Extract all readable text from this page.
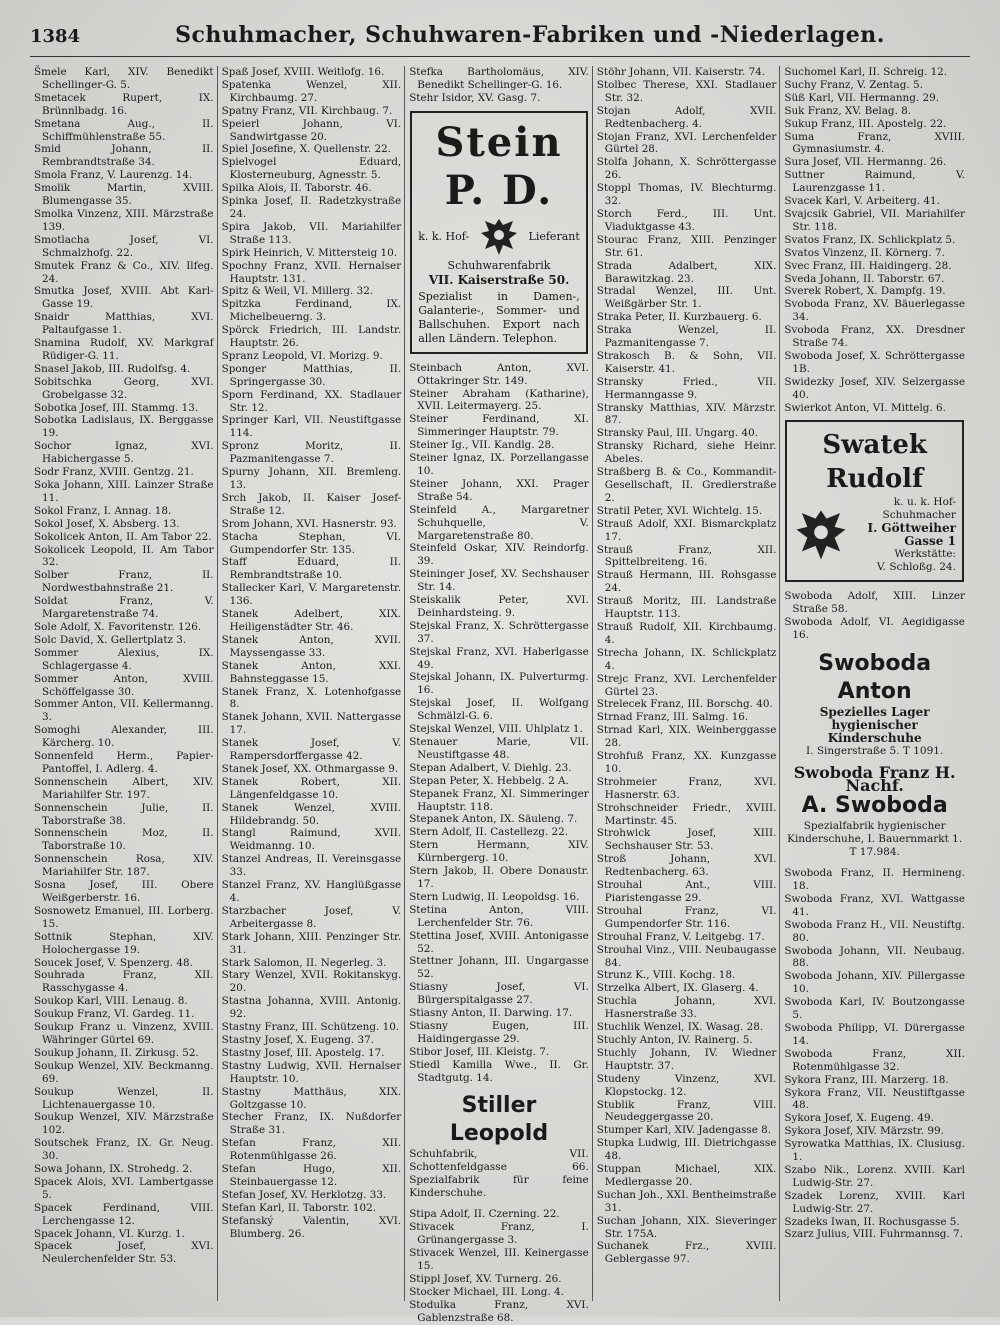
1384	Schuhmacher, Schuhwaren-Fabriken und -Niederlagen.

Šmele Karl, XIV. Benedikt Schellinger-G. 5.

Smetacek Rupert, IX. Brünnlbadg. 16.

Smetana Aug., II. Schiffmühlenstraße 55.

Smid Johann, II. Rembrandtstraße 34.

Smola Franz, V. Laurenzg. 14.

Smolik Martin, XVIII. Blumengasse 35.

Smolka Vinzenz, XIII. Märzstraße 139.

Smotlacha Josef, VI. Schmalzhofg. 22.

Smutek Franz & Co., XIV. Ilfeg. 24.

Smutka Josef, XVIII. Abt Karl-Gasse 19.

Snaidr Matthias, XVI. Paltaufgasse 1.

Snamina Rudolf, XV. Markgraf Rüdiger-G. 11.

Snasel Jakob, III. Rudolfsg. 4.

Sobitschka Georg, XVI. Grobelgasse 32.

Sobotka Josef, III. Stammg. 13.

Sobotka Ladislaus, IX. Berggasse 19.

Sochor Ignaz, XVI. Habichergasse 5.

Sodr Franz, XVIII. Gentzg. 21.

Soka Johann, XIII. Lainzer Straße 11.

Sokol Franz, I. Annag. 18.

Sokol Josef, X. Absberg. 13.

Sokolicek Anton, II. Am Tabor 22.

Sokolicek Leopold, II. Am Tabor 32.

Solber Franz, II. Nordwestbahnstraße 21.

Soldat Franz, V. Margaretenstraße 74.

Sole Adolf, X. Favoritenstr. 126.

Solc David, X. Gellertplatz 3.

Sommer Alexius, IX. Schlagergasse 4.

Sommer Anton, XVIII. Schöffelgasse 30.

Sommer Anton, VII. Kellermanng. 3.

Somoghi Alexander, III. Kärcherg. 10.

Sonnenfeld Herm., Papier-Pantoffel, I. Adlerg. 4.

Sonnenschein Albert, XIV. Mariahilfer Str. 197.

Sonnenschein Julie, II. Taborstraße 38.

Sonnenschein Moz, II. Taborstraße 10.

Sonnenschein Rosa, XIV. Mariahilfer Str. 187.

Sosna Josef, III. Obere Weißgerberstr. 16.

Sosnowetz Emanuel, III. Lorberg. 15.

Sottnik Stephan, XIV. Holochergasse 19.

Soucek Josef, V. Spenzerg. 48.

Souhrada Franz, XII. Rasschygasse 4.

Soukop Karl, VIII. Lenaug. 8.

Soukup Franz, VI. Gardeg. 11.

Soukup Franz u. Vinzenz, XVIII. Währinger Gürtel 69.

Soukup Johann, II. Zirkusg. 52.

Soukup Wenzel, XIV. Beckmanng. 69.

Soukup Wenzel, II. Lichtenauergasse 10.

Soukup Wenzel, XIV. Märzstraße 102.

Soutschek Franz, IX. Gr. Neug. 30.

Sowa Johann, IX. Strohedg. 2.

Spacek Alois, XVI. Lambertgasse 5.

Spacek Ferdinand, VIII. Lerchengasse 12.

Spacek Johann, VI. Kurzg. 1.

Spacek Josef, XVI. Neulerchenfelder Str. 53.

Spaß Josef, XVIII. Weitlofg. 16.

Spatenka Wenzel, XII. Kirchbaumg. 27.

Spatny Franz, VII. Kirchbaug. 7.

Speierl Johann, VI. Sandwirtgasse 20.

Spiel Josefine, X. Quellenstr. 22.

Spielvogel Eduard, Klosterneuburg, Agnesstr. 5.

Spilka Alois, II. Taborstr. 46.

Spinka Josef, II. Radetzkystraße 24.

Spira Jakob, VII. Mariahilfer Straße 113.

Spirk Heinrich, V. Mittersteig 10.

Spochny Franz, XVII. Hernalser Hauptstr. 131.

Spitz & Weil, VI. Millerg. 32.

Spitzka Ferdinand, IX. Michelbeuerng. 3.

Spörck Friedrich, III. Landstr. Hauptstr. 26.

Spranz Leopold, VI. Morizg. 9.

Sponger Matthias, II. Springergasse 30.

Sporn Ferdinand, XX. Stadlauer Str. 12.

Springer Karl, VII. Neustiftgasse 114.

Spronz Moritz, II. Pazmanitengasse 7.

Spurny Johann, XII. Bremleng. 13.

Srch Jakob, II. Kaiser Josef-Straße 12.

Srom Johann, XVI. Hasnerstr. 93.

Stacha Stephan, VI. Gumpendorfer Str. 135.

Staff Eduard, II. Rembrandtstraße 10.

Stallecker Karl, V. Margaretenstr. 136.

Stanek Adelbert, XIX. Heiligenstädter Str. 46.

Stanek Anton, XVII. Mayssengasse 33.

Stanek Anton, XXI. Bahnsteggasse 15.

Stanek Franz, X. Lotenhofgasse 8.

Stanek Johann, XVII. Nattergasse 17.

Stanek Josef, V. Rampersdorffergasse 42.

Stanek Josef, XX. Othmargasse 9.

Stanek Robert, XII. Längenfeldgasse 10.

Stanek Wenzel, XVIII. Hildebrandg. 50.

Stangl Raimund, XVII. Weidmanng. 10.

Stanzel Andreas, II. Vereinsgasse 33.

Stanzel Franz, XV. Hanglüßgasse 4.

Starzbacher Josef, V. Arbeitergasse 8.

Stark Johann, XIII. Penzinger Str. 31.

Stark Salomon, II. Negerleg. 3.

Stary Wenzel, XVII. Rokitanskyg. 20.

Stastna Johanna, XVIII. Antonig. 92.

Stastny Franz, III. Schützeng. 10.

Stastny Josef, X. Eugeng. 37.

Stastny Josef, III. Apostelg. 17.

Stastny Ludwig, XVII. Hernalser Hauptstr. 10.

Stastny Matthäus, XIX. Goltzgasse 10.

Stecher Franz, IX. Nußdorfer Straße 31.

Stefan Franz, XII. Rotenmühlgasse 26.

Stefan Hugo, XII. Steinbauergasse 12.

Stefan Josef, XV. Herklotzg. 33.

Stefan Karl, II. Taborstr. 102.

Stefanský Valentin, XVI. Blumberg. 26.

Stefka Bartholomäus, XIV. Benedikt Schellinger-G. 16.

Stehr Isidor, XV. Gasg. 7.

Stein P. D.
k. k. Hof-	Lieferant
Schuhwarenfabrik
VII. Kaiserstraße 50.
Spezialist in Damen-, Galanterie-, Sommer- und Ballschuhen. Export nach allen Ländern. Telephon.

Steinbach Anton, XVI. Ottakringer Str. 149.

Steiner Abraham (Katharine), XVII. Leitermayerg. 25.

Steiner Ferdinand, XI. Simmeringer Hauptstr. 79.

Steiner Ig., VII. Kandlg. 28.

Steiner Ignaz, IX. Porzellangasse 10.

Steiner Johann, XXI. Prager Straße 54.

Steinfeld A., Margaretner Schuhquelle, V. Margaretenstraße 80.

Steinfeld Oskar, XIV. Reindorfg. 39.

Steininger Josef, XV. Sechshauser Str. 14.

Steiskalik Peter, XVI. Deinhardsteing. 9.

Stejskal Franz, X. Schröttergasse 37.

Stejskal Franz, XVI. Haberlgasse 49.

Stejskal Johann, IX. Pulverturmg. 16.

Stejskal Josef, II. Wolfgang Schmälzl-G. 6.

Stejskal Wenzel, VIII. Uhlplatz 1.

Stenauer Marie, VII. Neustiftgasse 48.

Stepan Adalbert, V. Diehlg. 23.

Stepan Peter, X. Hebbelg. 2 A.

Stepanek Franz, XI. Simmeringer Hauptstr. 118.

Stepanek Anton, IX. Säuleng. 7.

Stern Adolf, II. Castellezg. 22.

Stern Hermann, XIV. Kürnbergerg. 10.

Stern Jakob, II. Obere Donaustr. 17.

Stern Ludwig, II. Leopoldsg. 16.

Stetina Anton, VIII. Lerchenfelder Str. 76.

Stettina Josef, XVIII. Antonigasse 52.

Stettner Johann, III. Ungargasse 52.

Stiasny Josef, VI. Bürgerspitalgasse 27.

Stiasny Anton, II. Darwing. 17.

Stiasny Eugen, III. Haidingergasse 29.

Stibor Josef, III. Kleistg. 7.

Stiedl Kamilla Wwe., II. Gr. Stadtgutg. 14.

Stiller Leopold
Schuhfabrik, VII. Schottenfeldgasse 66. Spezialfabrik für feine Kinderschuhe.

Stipa Adolf, II. Czerning. 22.

Stivacek Franz, I. Grünangergasse 3.

Stivacek Wenzel, III. Keinergasse 15.

Stippl Josef, XV. Turnerg. 26.

Stocker Michael, III. Long. 4.

Stodulka Franz, XVI. Gablenzstraße 68.

Stöhr Johann, VII. Kaiserstr. 74.

Stolbec Therese, XXI. Stadlauer Str. 32.

Stojan Adolf, XVII. Redtenbacherg. 4.

Stojan Franz, XVI. Lerchenfelder Gürtel 28.

Stolfa Johann, X. Schröttergasse 26.

Stoppl Thomas, IV. Blechturmg. 32.

Storch Ferd., III. Unt. Viaduktgasse 43.

Stourac Franz, XIII. Penzinger Str. 61.

Strada Adalbert, XIX. Barawitzkag. 23.

Stradal Wenzel, III. Unt. Weißgärber Str. 1.

Straka Peter, II. Kurzbauerg. 6.

Straka Wenzel, II. Pazmanitengasse 7.

Strakosch B. & Sohn, VII. Kaiserstr. 41.

Stransky Fried., VII. Hermanngasse 9.

Stransky Matthias, XIV. Märzstr. 87.

Stransky Paul, III. Ungarg. 40.

Stransky Richard, siehe Heinr. Abeles.

Straßberg B. & Co., Kommandit-Gesellschaft, II. Gredlerstraße 2.

Stratil Peter, XVI. Wichtelg. 15.

Strauß Adolf, XXI. Bismarckplatz 17.

Strauß Franz, XII. Spittelbreiteng. 16.

Strauß Hermann, III. Rohsgasse 24.

Strauß Moritz, III. Landstraße Hauptstr. 113.

Strauß Rudolf, XII. Kirchbaumg. 4.

Strecha Johann, IX. Schlickplatz 4.

Strejc Franz, XVI. Lerchenfelder Gürtel 23.

Strelecek Franz, III. Borschg. 40.

Strnad Franz, III. Salmg. 16.

Strnad Karl, XIX. Weinberggasse 28.

Strohfuß Franz, XX. Kunzgasse 10.

Strohmeier Franz, XVI. Hasnerstr. 63.

Strohschneider Friedr., XVIII. Martinstr. 45.

Strohwick Josef, XIII. Sechshauser Str. 53.

Stroß Johann, XVI. Redtenbacherg. 63.

Strouhal Ant., VIII. Piaristengasse 29.

Strouhal Franz, VI. Gumpendorfer Str. 116.

Strouhal Franz, V. Leitgebg. 17.

Strouhal Vinz., VIII. Neubaugasse 84.

Strunz K., VIII. Kochg. 18.

Strzelka Albert, IX. Glaserg. 4.

Stuchla Johann, XVI. Hasnerstraße 33.

Stuchlik Wenzel, IX. Wasag. 28.

Stuchly Anton, IV. Rainerg. 5.

Stuchly Johann, IV. Wiedner Hauptstr. 37.

Studeny Vinzenz, XVI. Klopstockg. 12.

Stublik Franz, VIII. Neudeggergasse 20.

Stumper Karl, XIV. Jadengasse 8.

Stupka Ludwig, III. Dietrichgasse 48.

Stuppan Michael, XIX. Medlergasse 20.

Suchan Joh., XXI. Bentheimstraße 31.

Suchan Johann, XIX. Sieveringer Str. 175A.

Suchanek Frz., XVIII. Geblergasse 97.

Suchomel Karl, II. Schreig. 12.

Suchy Franz, V. Zentag. 5.

Süß Karl, VII. Hermanng. 29.

Suk Franz, XV. Belag. 8.

Sukup Franz, III. Apostelg. 22.

Suma Franz, XVIII. Gymnasiumstr. 4.

Sura Josef, VII. Hermanng. 26.

Suttner Raimund, V. Laurenzgasse 11.

Svacek Karl, V. Arbeiterg. 41.

Svajcsik Gabriel, VII. Mariahilfer Str. 118.

Svatos Franz, IX. Schlickplatz 5.

Svatos Vinzenz, II. Körnerg. 7.

Svec Franz, III. Haidingerg. 28.

Sveda Johann, II. Taborstr. 67.

Sverek Robert, X. Dampfg. 19.

Svoboda Franz, XV. Bäuerlegasse 34.

Svoboda Franz, XX. Dresdner Straße 74.

Swoboda Josef, X. Schröttergasse 1B.

Swidezky Josef, XIV. Selzergasse 40.

Swierkot Anton, VI. Mittelg. 6.

Swatek Rudolf
k. u. k. Hof-Schuhmacher
I. Göttweiher Gasse 1
Werkstätte:
V. Schloßg. 24.

Swoboda Adolf, XIII. Linzer Straße 58.

Swoboda Adolf, VI. Aegidigasse 16.

Swoboda Anton
Spezielles Lager
hygienischer Kinderschuhe
I. Singerstraße 5. T 1091.
Swoboda Franz H. Nachf.
A. Swoboda
Spezialfabrik hygienischer Kinderschuhe, I. Bauernmarkt 1. T 17.984.

Swoboda Franz, II. Hermineng. 18.

Swoboda Franz, XVI. Wattgasse 41.

Swoboda Franz H., VII. Neustiftg. 80.

Swoboda Johann, VII. Neubaug. 88.

Swoboda Johann, XIV. Pillergasse 10.

Swoboda Karl, IV. Boutzongasse 5.

Swoboda Philipp, VI. Dürergasse 14.

Swoboda Franz, XII. Rotenmühlgasse 32.

Sykora Franz, III. Marzerg. 18.

Sykora Franz, VII. Neustiftgasse 48.

Sykora Josef, X. Eugeng. 49.

Sykora Josef, XIV. Märzstr. 99.

Syrowatka Matthias, IX. Clusiusg. 1.

Szabo Nik., Lorenz. XVIII. Karl Ludwig-Str. 27.

Szadek Lorenz, XVIII. Karl Ludwig-Str. 27.

Szadeks Iwan, II. Rochusgasse 5.

Szarz Julius, VIII. Fuhrmannsg. 7.
